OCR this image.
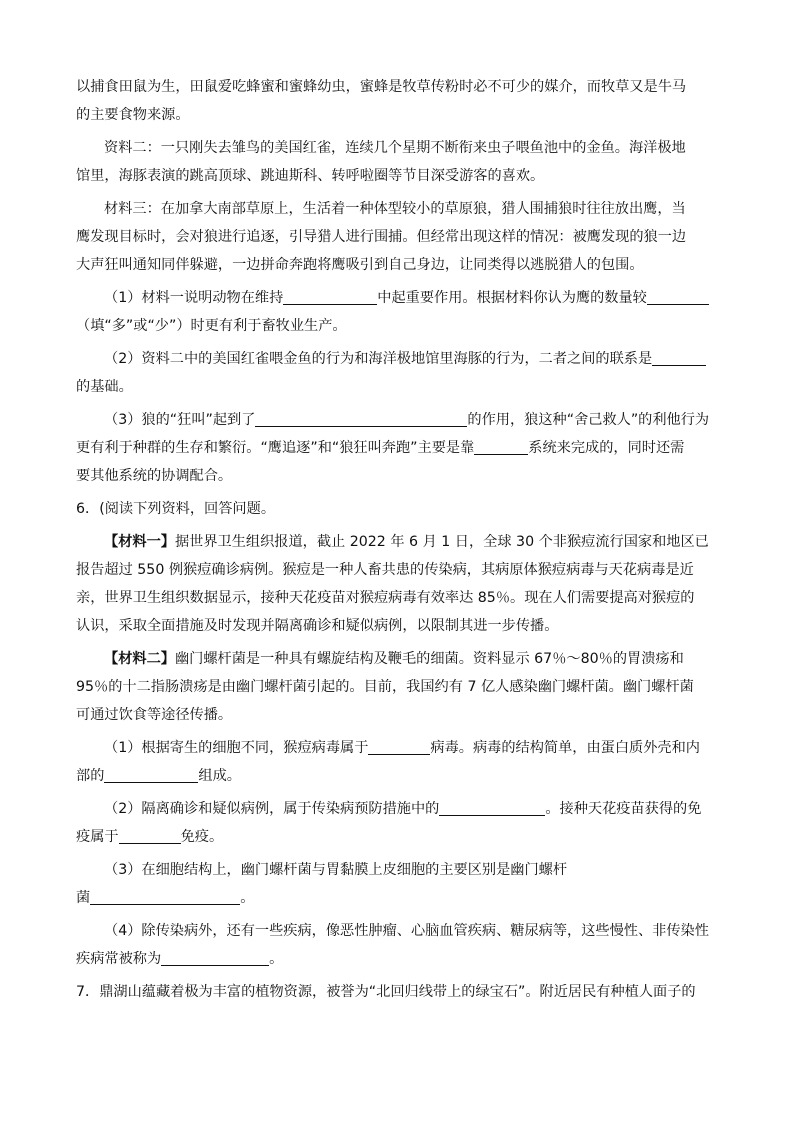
以捕食田鼠为生，田鼠爱吃蜂蜜和蜜蜂幼虫，蜜蜂是牧草传粉时必不可少的媒介，而牧草又是牛马
的主要食物来源。
资料二：一只刚失去雏鸟的美国红雀，连续几个星期不断衔来虫子喂鱼池中的金鱼。海洋极地
馆里，海豚表演的跳高顶球、跳迪斯科、转呼啦圈等节目深受游客的喜欢。
材料三：在加拿大南部草原上，生活着一种体型较小的草原狼，猎人围捕狼时往往放出鹰，当
鹰发现目标时，会对狼进行追逐，引导猎人进行围捕。但经常出现这样的情况：被鹰发现的狼一边
大声狂叫通知同伴躲避，一边拼命奔跑将鹰吸引到自己身边，让同类得以逃脱猎人的包围。
（1）材料一说明动物在维持	中起重要作用。根据材料你认为鹰的数量较
（填“多”或“少”）时更有利于畜牧业生产。
（2）资料二中的美国红雀喂金鱼的行为和海洋极地馆里海豚的行为，二者之间的联系是
的基础。
（3）狼的“狂叫”起到了	的作用，狼这种“舍己救人”的利他行为
更有利于种群的生存和繁衍。“鹰追逐”和“狼狂叫奔跑”主要是靠	系统来完成的，同时还需
要其他系统的协调配合。
6．(阅读下列资料，回答问题。
【材料一】据世界卫生组织报道，截止 2022 年 6 月 1 日，全球 30 个非猴痘流行国家和地区已
报告超过 550 例猴痘确诊病例。猴痘是一种人畜共患的传染病，其病原体猴痘病毒与天花病毒是近
亲，世界卫生组织数据显示，接种天花疫苗对猴痘病毒有效率达 85％。现在人们需要提高对猴痘的
认识，采取全面措施及时发现并隔离确诊和疑似病例，以限制其进一步传播。
【材料二】幽门螺杆菌是一种具有螺旋结构及鞭毛的细菌。资料显示 67％～80％的胃溃疡和
95％的十二指肠溃疡是由幽门螺杆菌引起的。目前，我国约有 7 亿人感染幽门螺杆菌。幽门螺杆菌
可通过饮食等途径传播。
（1）根据寄生的细胞不同，猴痘病毒属于	病毒。病毒的结构简单，由蛋白质外壳和内
部的	组成。
（2）隔离确诊和疑似病例，属于传染病预防措施中的	。接种天花疫苗获得的免
疫属于	免疫。
（3）在细胞结构上，幽门螺杆菌与胃黏膜上皮细胞的主要区别是幽门螺杆
菌	。
（4）除传染病外，还有一些疾病，像恶性肿瘤、心脑血管疾病、糖尿病等，这些慢性、非传染性
疾病常被称为	。
7．鼎湖山蕴藏着极为丰富的植物资源，被誉为“北回归线带上的绿宝石”。附近居民有种植人面子的
